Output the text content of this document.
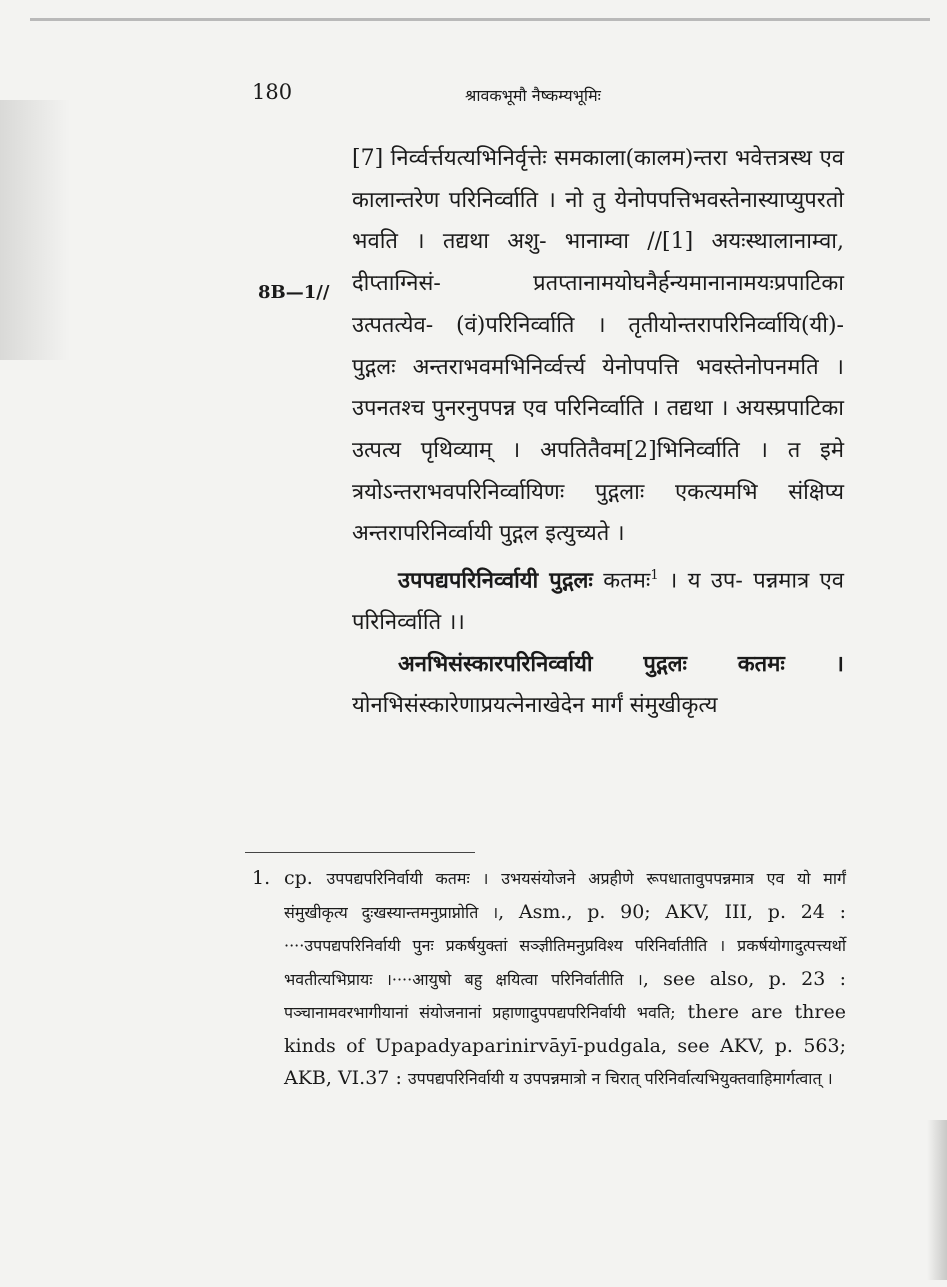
180	श्रावकभूमौ नैष्कम्यभूमिः

8B—1//

[7] निर्व्वर्त्तयत्यभिनिर्वृत्तेः समकाला(कालम)न्तरा भवेत्तत्रस्थ एव कालान्तरेण परिनिर्व्वाति । नो तु येनोपपत्तिभवस्तेनास्याप्युपरतो भवति । तद्यथा अशु- भानाम्वा //[1] अयःस्थालानाम्वा, दीप्ताग्निसं- प्रतप्तानामयोघनैर्हन्यमानानामयःप्रपाटिका उत्पतत्येव- (वं)परिनिर्व्वाति । तृतीयोन्तरापरिनिर्व्वायि(यी)- पुद्गलः अन्तराभवमभिनिर्व्वर्त्त्य येनोपपत्ति भवस्तेनोपनमति । उपनतश्च पुनरनुपपन्न एव परिनिर्व्वाति । तद्यथा । अयस्प्रपाटिका उत्पत्य पृथिव्याम् । अपतितैवम[2]भिनिर्व्वाति । त इमे त्रयोऽन्तराभवपरिनिर्व्वायिणः पुद्गलाः एकत्यमभि संक्षिप्य अन्तरापरिनिर्व्वायी पुद्गल इत्युच्यते ।

उपपद्यपरिनिर्व्वायी पुद्गलः कतमः$^1$ । य उप- पन्नमात्र एव परिनिर्व्वाति ।।

अनभिसंस्कारपरिनिर्व्वायी पुद्गलः कतमः । योनभिसंस्कारेणाप्रयत्नेनाखेदेन मार्गं संमुखीकृत्य

1. cp. उपपद्यपरिनिर्वायी कतमः । उभयसंयोजने अप्रहीणे रूपधातावुपपन्नमात्र एव यो मार्गं संमुखीकृत्य दुःखस्यान्तमनुप्राप्नोति ।, Asm., p. 90; AKV, III, p. 24 : ····उपपद्यपरिनिर्वायी पुनः प्रकर्षयुक्तां सञ्ज्ञीतिमनुप्रविश्य परिनिर्वातीति । प्रकर्षयोगादुत्पत्त्यर्थो भवतीत्यभिप्रायः ।····आयुषो बहु क्षयित्वा परिनिर्वातीति ।, see also, p. 23 : पञ्चानामवरभागीयानां संयोजनानां प्रहाणादुपपद्यपरिनिर्वायी भवति; there are three kinds of Upapadyaparinirvāyī-pudgala, see AKV, p. 563; AKB, VI.37 : उपपद्यपरिनिर्वायी य उपपन्नमात्रो न चिरात् परिनिर्वात्यभियुक्तवाहिमार्गत्वात् ।
